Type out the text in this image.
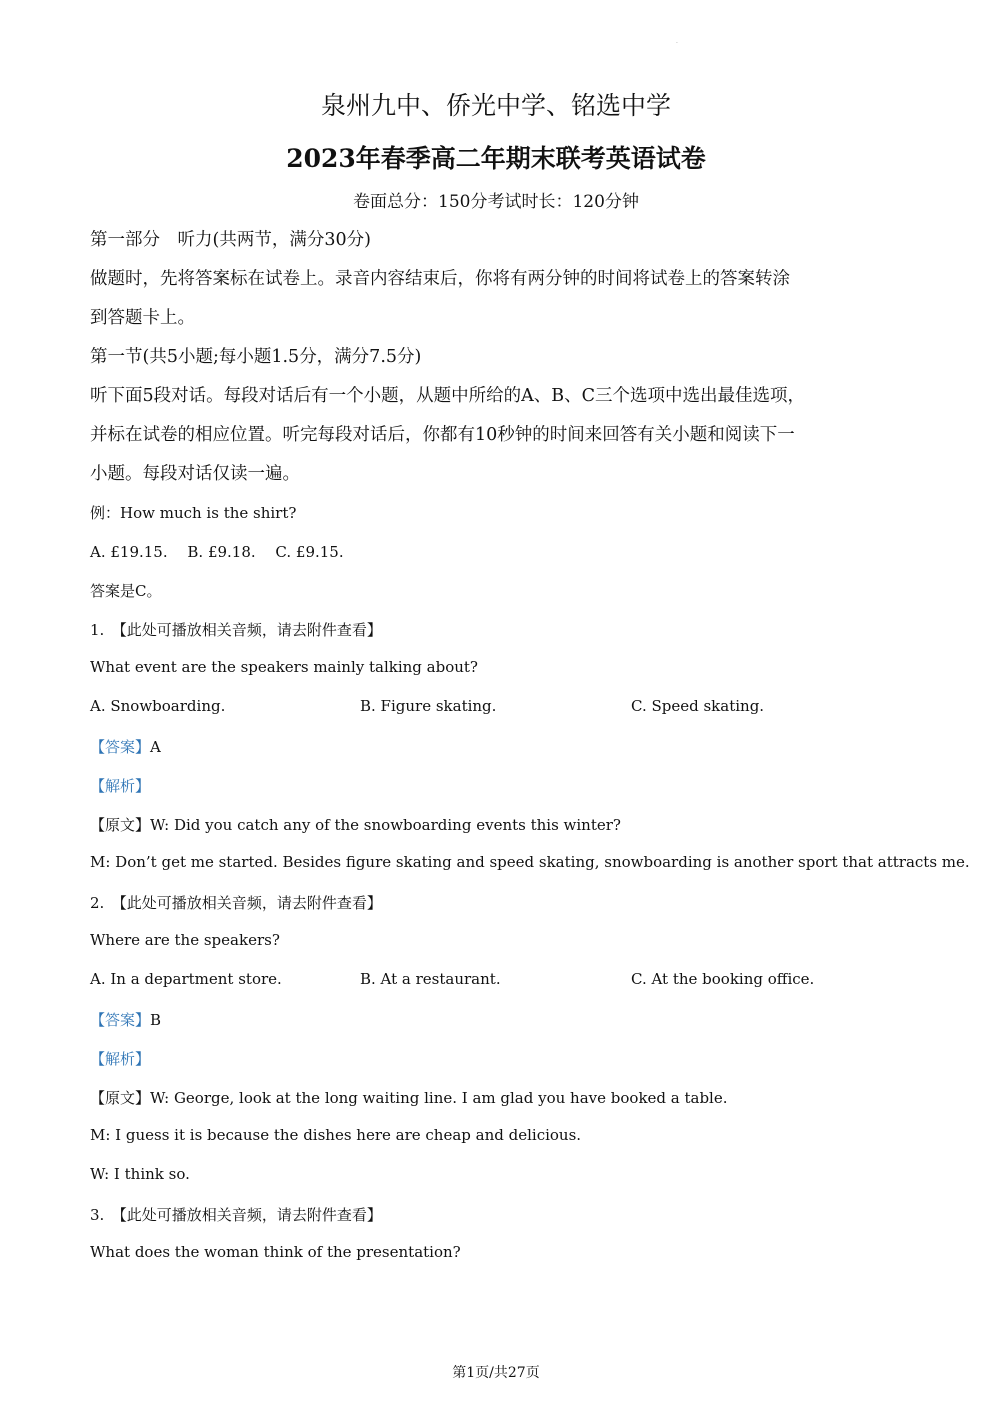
·
泉州九中、侨光中学、铭选中学
2023年春季高二年期末联考英语试卷
卷面总分：150分考试时长：120分钟
第一部分　听力(共两节，满分30分)
做题时，先将答案标在试卷上。录音内容结束后，你将有两分钟的时间将试卷上的答案转涂
到答题卡上。
第一节(共5小题;每小题1.5分，满分7.5分)
听下面5段对话。每段对话后有一个小题，从题中所给的A、B、C三个选项中选出最佳选项，
并标在试卷的相应位置。听完每段对话后，你都有10秒钟的时间来回答有关小题和阅读下一
小题。每段对话仅读一遍。
例：How much is the shirt?
A. £19.15.　 B. £9.18.　 C. £9.15.
答案是C。
1.　【此处可播放相关音频，请去附件查看】
What event are the speakers mainly talking about?
A. Snowboarding.	B. Figure skating.	C. Speed skating.
【答案】A
【解析】
【原文】W: Did you catch any of the snowboarding events this winter?
M: Don’t get me started. Besides figure skating and speed skating, snowboarding is another sport that attracts me.
2.　【此处可播放相关音频，请去附件查看】
Where are the speakers?
A. In a department store.	B. At a restaurant.	C. At the booking office.
【答案】B
【解析】
【原文】W: George, look at the long waiting line. I am glad you have booked a table.
M: I guess it is because the dishes here are cheap and delicious.
W: I think so.
3.　【此处可播放相关音频，请去附件查看】
What does the woman think of the presentation?
第1页/共27页
